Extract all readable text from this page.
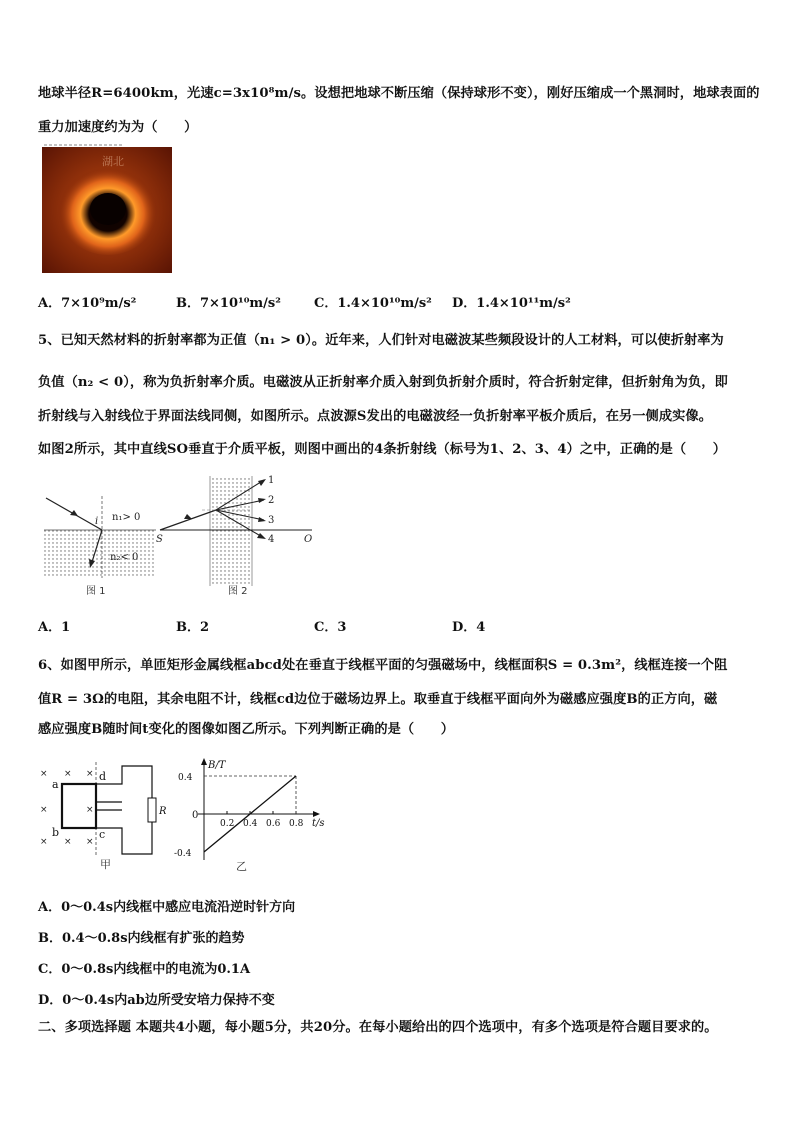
地球半径R=6400km，光速c=3x10⁸m/s。设想把地球不断压缩（保持球形不变），刚好压缩成一个黑洞时，地球表面的
重力加速度约为为（　　）
湖北
A．7×10⁹m/s²	B．7×10¹⁰m/s²	C．1.4×10¹⁰m/s² D．1.4×10¹¹m/s²
5、已知天然材料的折射率都为正值（n₁ > 0）。近年来，人们针对电磁波某些频段设计的人工材料，可以使折射率为
负值（n₂ < 0），称为负折射率介质。电磁波从正折射率介质入射到负折射介质时，符合折射定律，但折射角为负，即
折射线与入射线位于界面法线同侧，如图所示。点波源S发出的电磁波经一负折射率平板介质后，在另一侧成实像。
如图2所示，其中直线SO垂直于介质平板，则图中画出的4条折射线（标号为1、2、3、4）之中，正确的是（　　）
i n₁> 0
n₂< 0
图 1
1
2
3
4
S	O
图 2
A．1	B．2	C．3	D．4
6、如图甲所示，单匝矩形金属线框abcd处在垂直于线框平面的匀强磁场中，线框面积S = 0.3m²，线框连接一个阻
值R = 3Ω的电阻，其余电阻不计，线框cd边位于磁场边界上。取垂直于线框平面向外为磁感应强度B的正方向，磁
感应强度B随时间t变化的图像如图乙所示。下列判断正确的是（　　）
× × ×
×	×
× × ×
a
b	c
d
R
甲
B/T
t/s
0
0.2 0.4 0.6 0.8
0.4
-0.4
乙
A．0～0.4s内线框中感应电流沿逆时针方向
B．0.4～0.8s内线框有扩张的趋势
C．0～0.8s内线框中的电流为0.1A
D．0～0.4s内ab边所受安培力保持不变
二、多项选择题 本题共4小题，每小题5分，共20分。在每小题给出的四个选项中，有多个选项是符合题目要求的。
